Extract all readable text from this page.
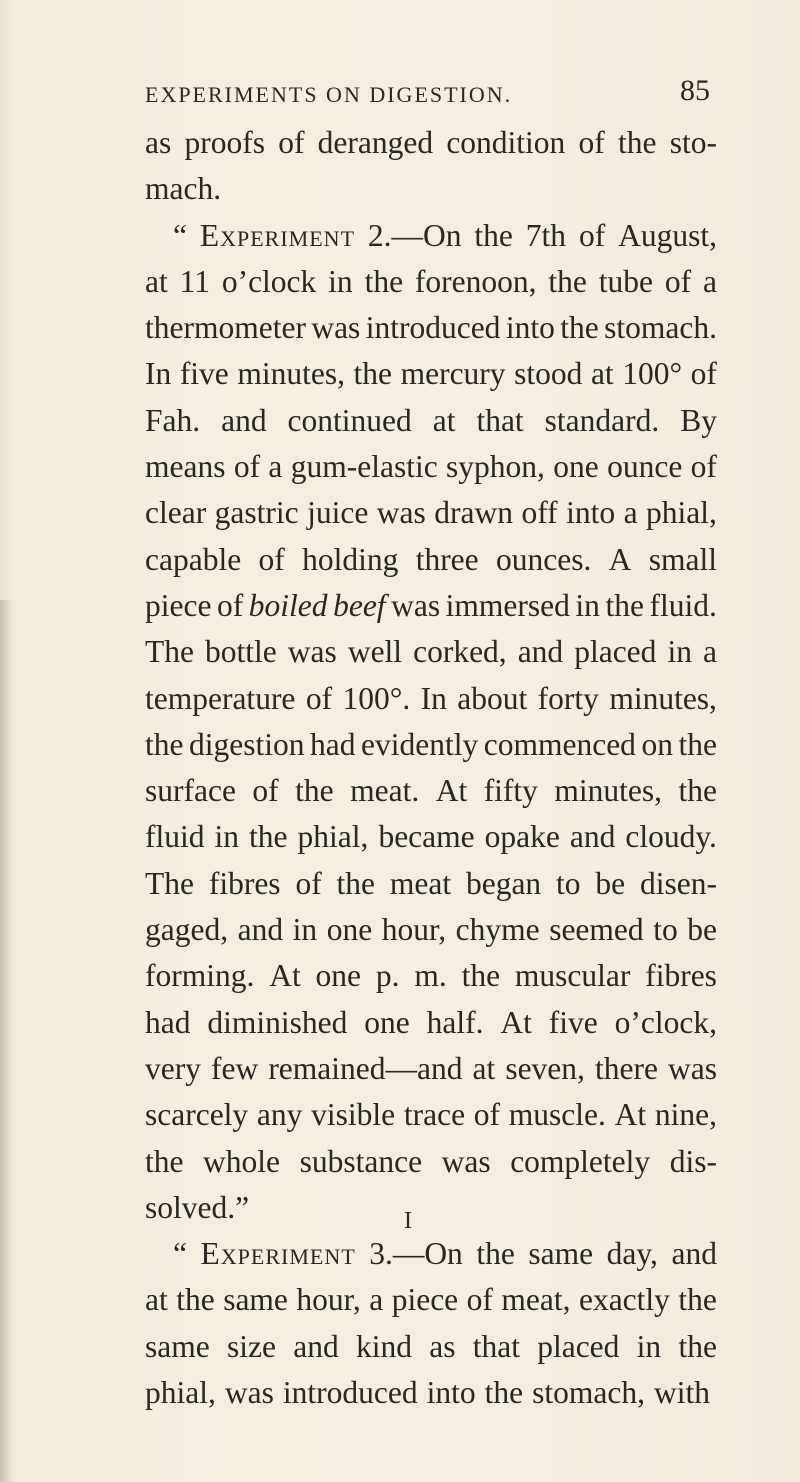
EXPERIMENTS ON DIGESTION.	85
as proofs of deranged condition of the sto-
mach.
“ Experiment 2.—On the 7th of August,
at 11 o’clock in the forenoon, the tube of a
thermometer was introduced into the stomach.
In five minutes, the mercury stood at 100° of
Fah. and continued at that standard. By
means of a gum-elastic syphon, one ounce of
clear gastric juice was drawn off into a phial,
capable of holding three ounces. A small
piece of boiled beef was immersed in the fluid.
The bottle was well corked, and placed in a
temperature of 100°. In about forty minutes,
the digestion had evidently commenced on the
surface of the meat. At fifty minutes, the
fluid in the phial, became opake and cloudy.
The fibres of the meat began to be disen-
gaged, and in one hour, chyme seemed to be
forming. At one p. m. the muscular fibres
had diminished one half. At five o’clock,
very few remained—and at seven, there was
scarcely any visible trace of muscle. At nine,
the whole substance was completely dis-
solved.”
“ Experiment 3.—On the same day, and
at the same hour, a piece of meat, exactly the
same size and kind as that placed in the
phial, was introduced into the stomach, with
I
